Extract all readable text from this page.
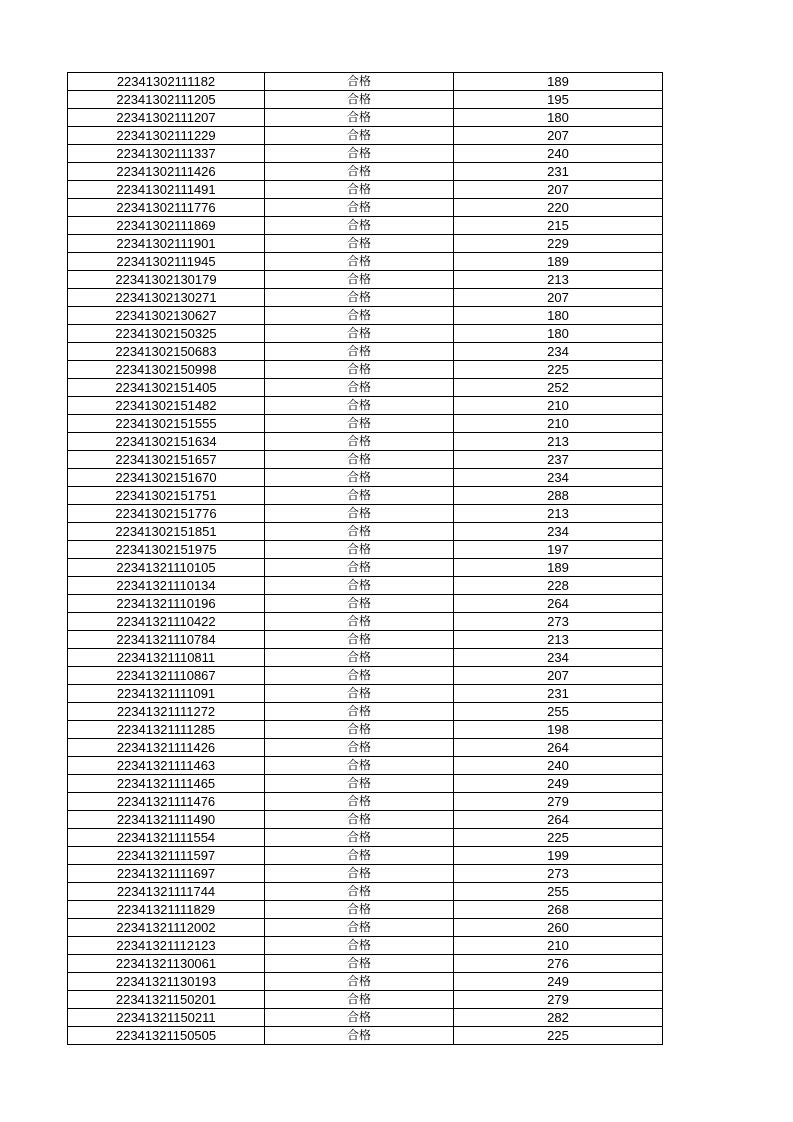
22341302111182	合格	189
22341302111205	合格	195
22341302111207	合格	180
22341302111229	合格	207
22341302111337	合格	240
22341302111426	合格	231
22341302111491	合格	207
22341302111776	合格	220
22341302111869	合格	215
22341302111901	合格	229
22341302111945	合格	189
22341302130179	合格	213
22341302130271	合格	207
22341302130627	合格	180
22341302150325	合格	180
22341302150683	合格	234
22341302150998	合格	225
22341302151405	合格	252
22341302151482	合格	210
22341302151555	合格	210
22341302151634	合格	213
22341302151657	合格	237
22341302151670	合格	234
22341302151751	合格	288
22341302151776	合格	213
22341302151851	合格	234
22341302151975	合格	197
22341321110105	合格	189
22341321110134	合格	228
22341321110196	合格	264
22341321110422	合格	273
22341321110784	合格	213
22341321110811	合格	234
22341321110867	合格	207
22341321111091	合格	231
22341321111272	合格	255
22341321111285	合格	198
22341321111426	合格	264
22341321111463	合格	240
22341321111465	合格	249
22341321111476	合格	279
22341321111490	合格	264
22341321111554	合格	225
22341321111597	合格	199
22341321111697	合格	273
22341321111744	合格	255
22341321111829	合格	268
22341321112002	合格	260
22341321112123	合格	210
22341321130061	合格	276
22341321130193	合格	249
22341321150201	合格	279
22341321150211	合格	282
22341321150505	合格	225
